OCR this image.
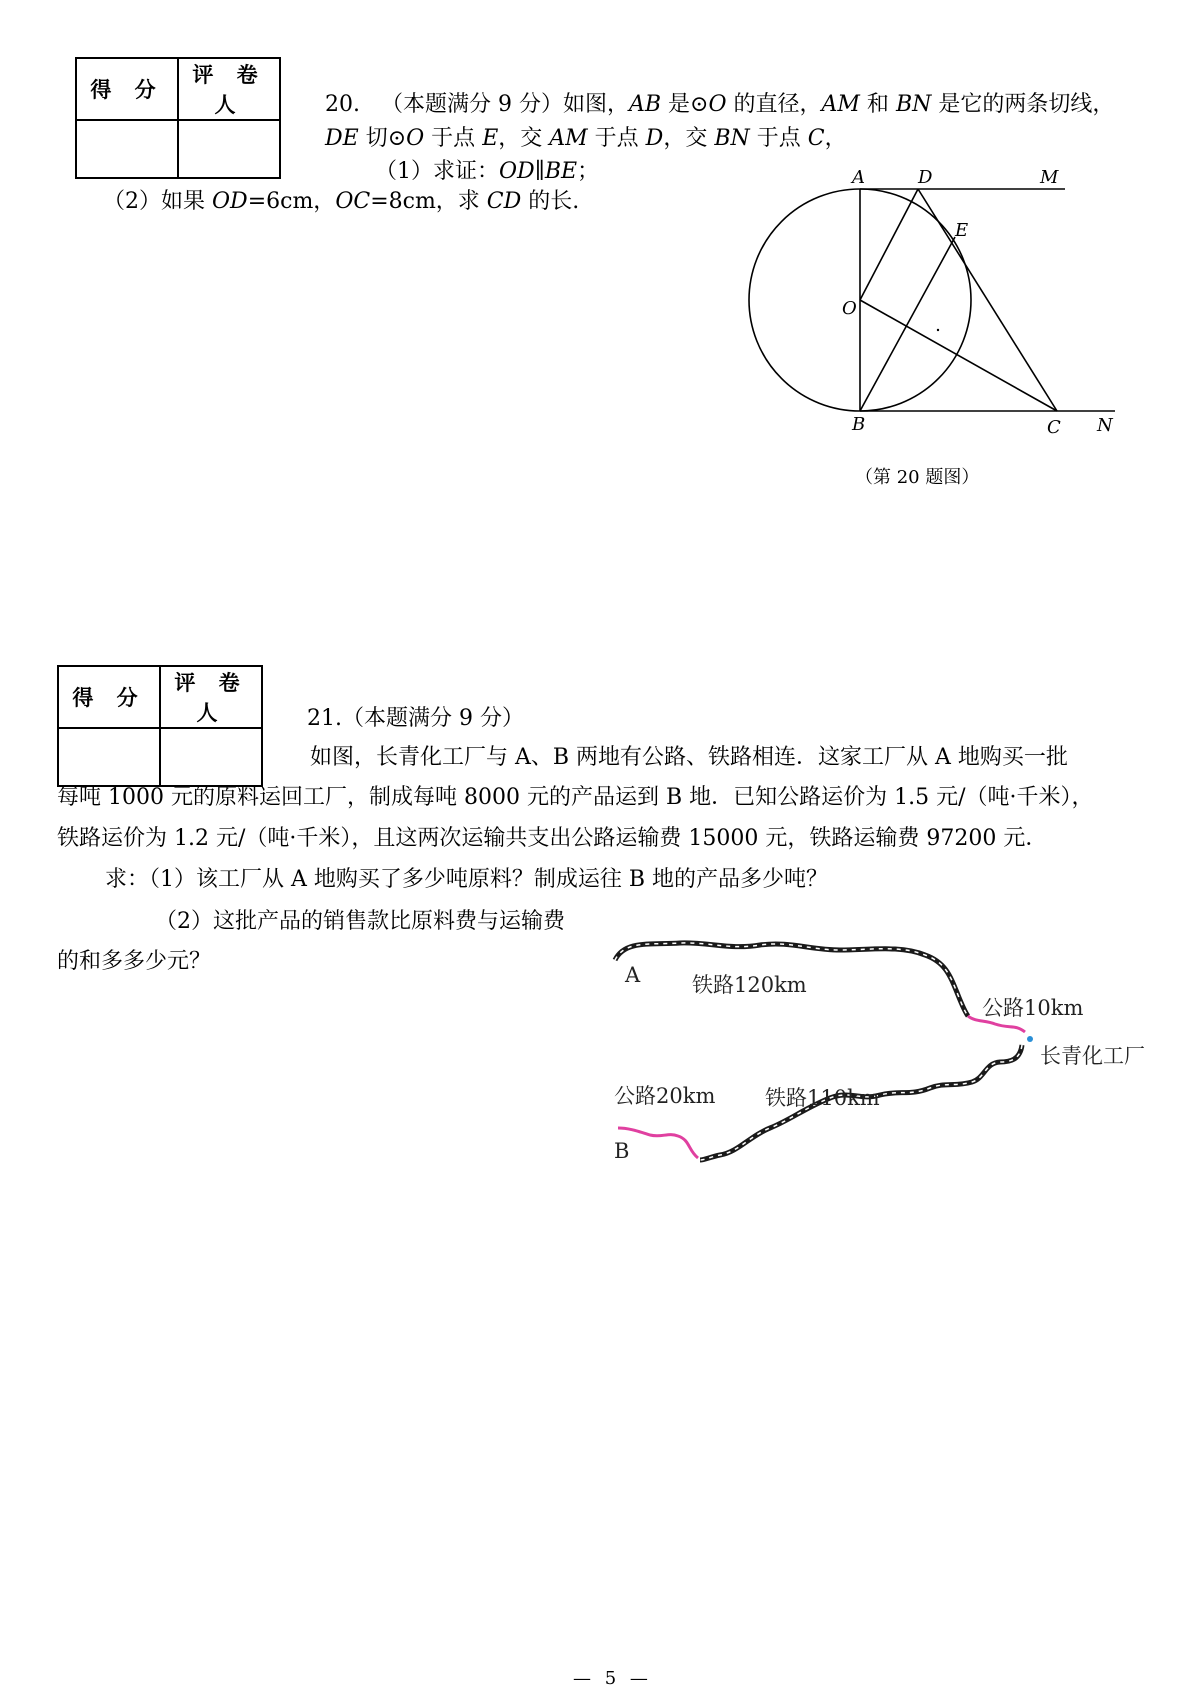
得 分	评 卷 人
		20. （本题满分 9 分）如图，AB 是⊙O 的直径，AM 和 BN 是它的两条切线，
DE 切⊙O 于点 E，交 AM 于点 D，交 BN 于点 C，
（1）求证：OD∥BE；
（2）如果 OD=6cm，OC=8cm，求 CD 的长.
A	D	M
E
O
B	C N
（第 20 题图）
得 分	评 卷 人
		21.（本题满分 9 分）
如图，长青化工厂与 A、B 两地有公路、铁路相连．这家工厂从 A 地购买一批
每吨 1000 元的原料运回工厂，制成每吨 8000 元的产品运到 B 地．已知公路运价为 1.5 元/（吨·千米），
铁路运价为 1.2 元/（吨·千米），且这两次运输共支出公路运输费 15000 元，铁路运输费 97200 元．
求：（1）该工厂从 A 地购买了多少吨原料？制成运往 B 地的产品多少吨？
（2）这批产品的销售款比原料费与运输费
的和多多少元？
A 铁路120km
公路10km
长青化工厂
公路20km 铁路110km
B
— 5 —
